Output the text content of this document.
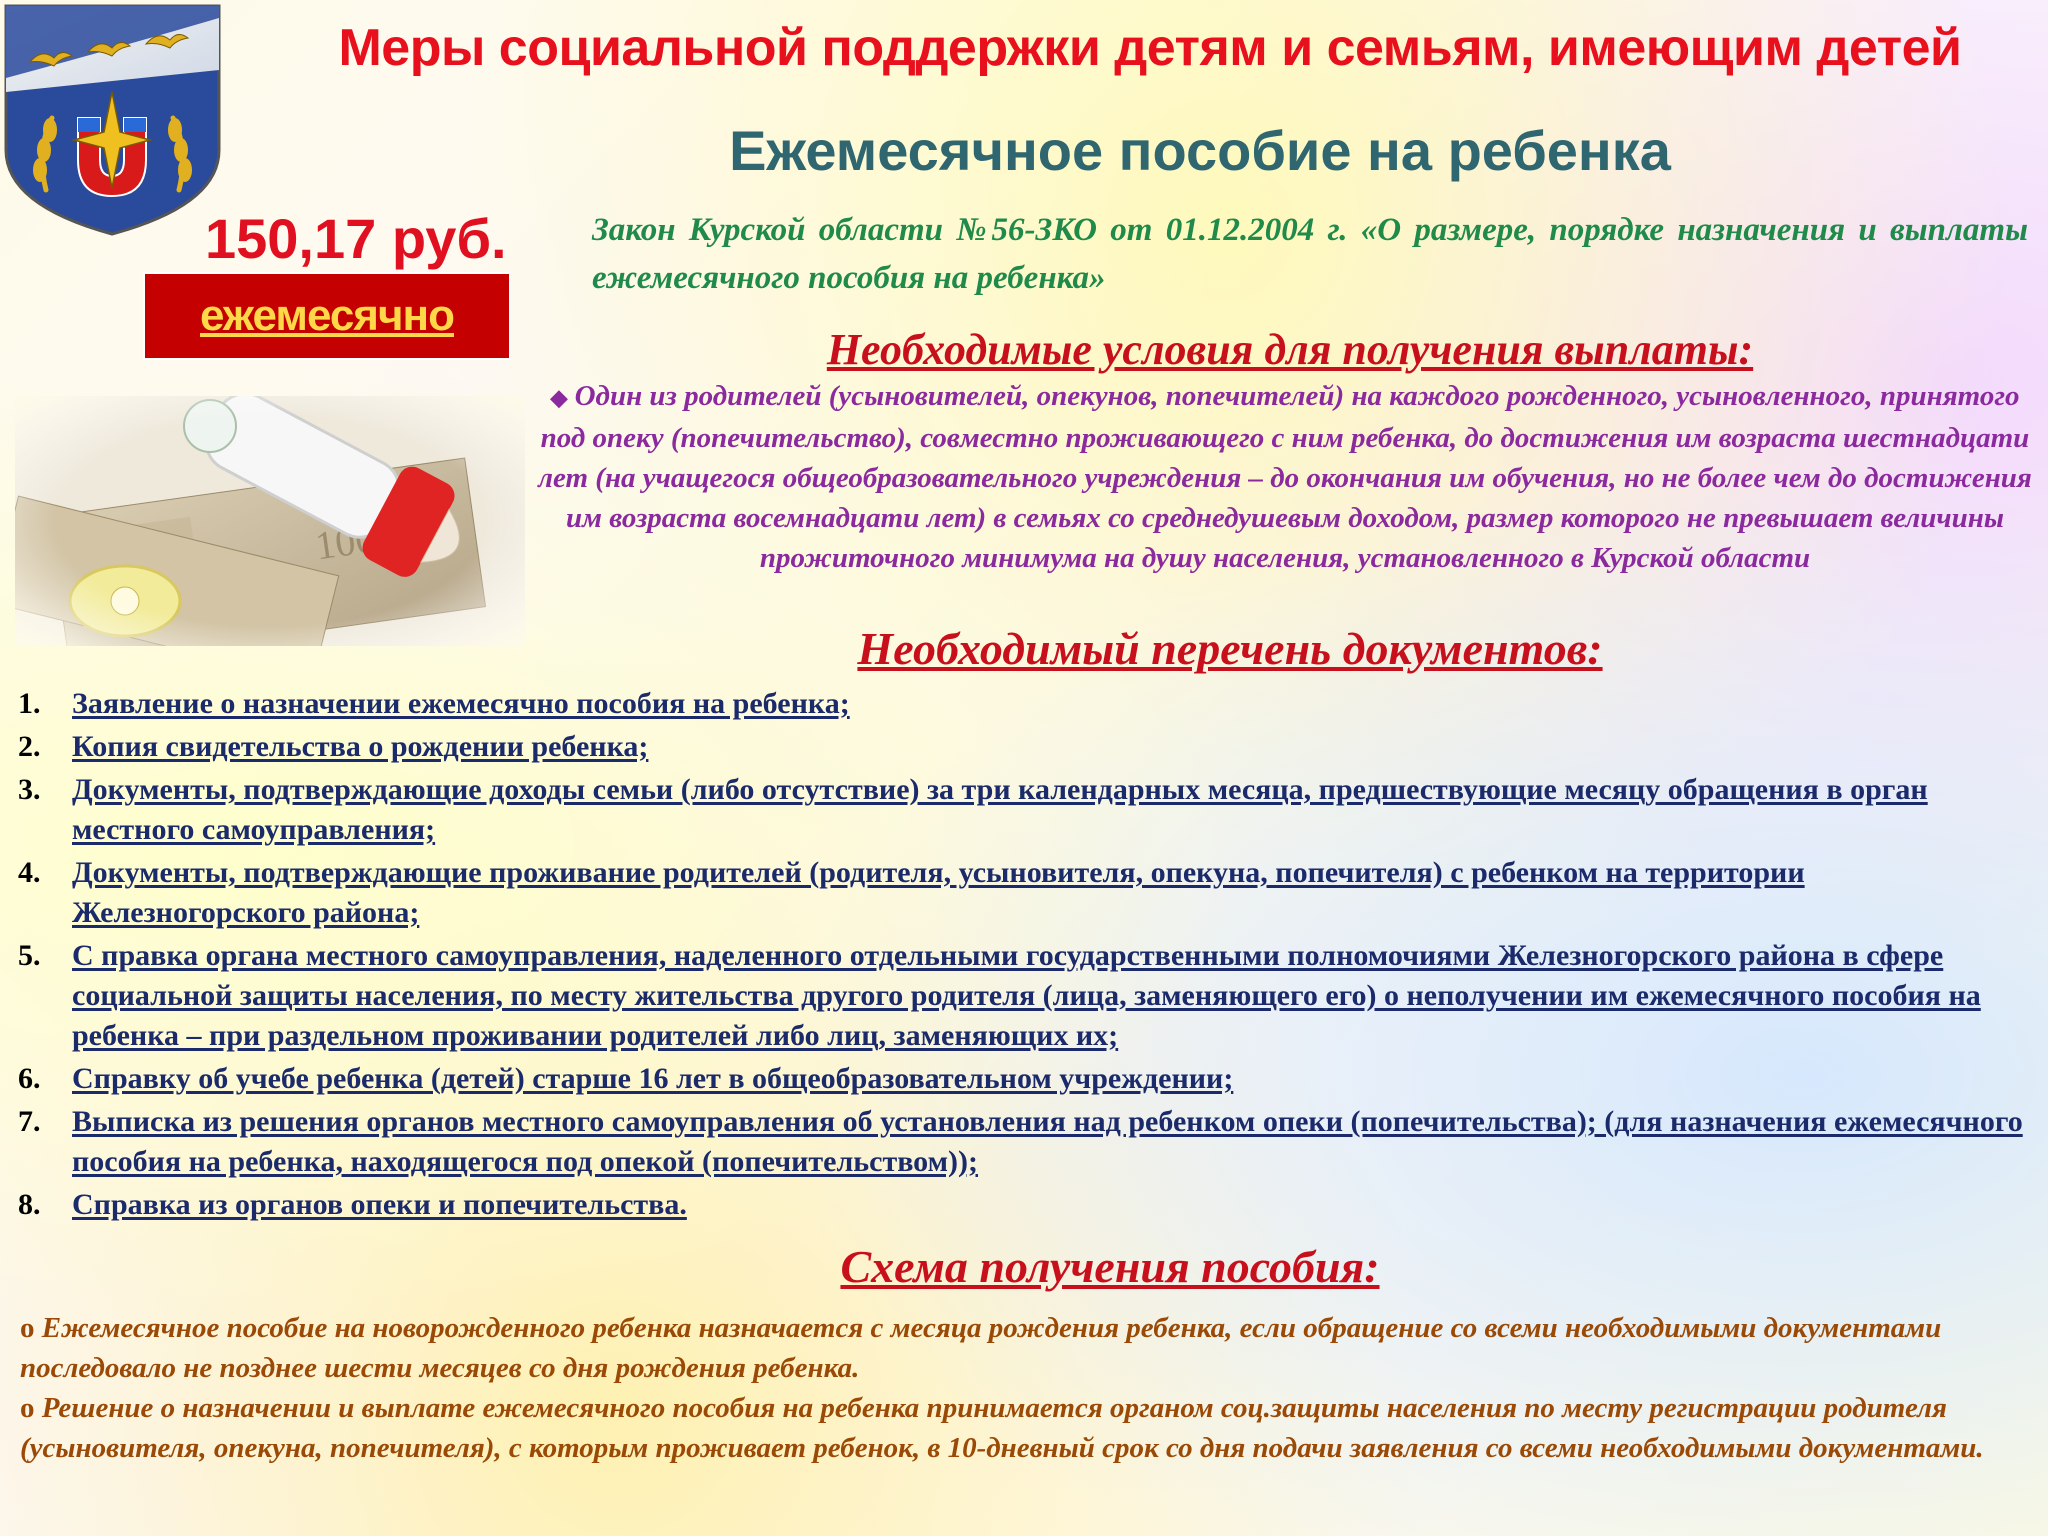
Меры социальной поддержки детям и семьям, имеющим детей
Ежемесячное пособие на ребенка
150,17 руб.
ежемесячно
Закон Курской области №56-ЗКО от 01.12.2004 г. «О размере, порядке назначения и выплаты ежемесячного пособия на ребенка»
Необходимые условия для получения выплаты:
◆ Один из родителей (усыновителей, опекунов, попечителей) на каждого рожденного, усыновленного, принятого под опеку (попечительство), совместно проживающего с ним ребенка, до достижения им возраста шестнадцати лет (на учащегося общеобразовательного учреждения – до окончания им обучения, но не более чем до достижения им возраста восемнадцати лет) в семьях со среднедушевым доходом, размер которого не превышает величины прожиточного минимума на душу населения, установленного в Курской области
Необходимый перечень документов:
1.	Заявление о назначении ежемесячно пособия на ребенка;
2.	Копия свидетельства о рождении ребенка;
3.	Документы, подтверждающие доходы семьи (либо отсутствие) за три календарных месяца, предшествующие месяцу обращения в орган местного самоуправления;
4.	Документы, подтверждающие проживание родителей (родителя, усыновителя, опекуна, попечителя) с ребенком на территории Железногорского района;
5.	С правка органа местного самоуправления, наделенного отдельными государственными полномочиями Железногорского района в сфере социальной защиты населения, по месту жительства другого родителя (лица, заменяющего его) о неполучении им ежемесячного пособия на ребенка – при раздельном проживании родителей либо лиц, заменяющих их;
6.	Справку об учебе ребенка (детей) старше 16 лет в общеобразовательном учреждении;
7.	Выписка из решения органов местного самоуправления об установления над ребенком опеки (попечительства); (для назначения ежемесячного пособия на ребенка, находящегося под опекой (попечительством));
8.	Справка из органов опеки и попечительства.
Схема получения пособия:

o Ежемесячное пособие на новорожденного ребенка назначается с месяца рождения ребенка, если обращение со всеми необходимыми документами последовало не позднее шести месяцев со дня рождения ребенка.

o Решение о назначении и выплате ежемесячного пособия на ребенка принимается органом соц.защиты населения по месту регистрации родителя (усыновителя, опекуна, попечителя), с которым проживает ребенок, в 10-дневный срок со дня подачи заявления со всеми необходимыми документами.
